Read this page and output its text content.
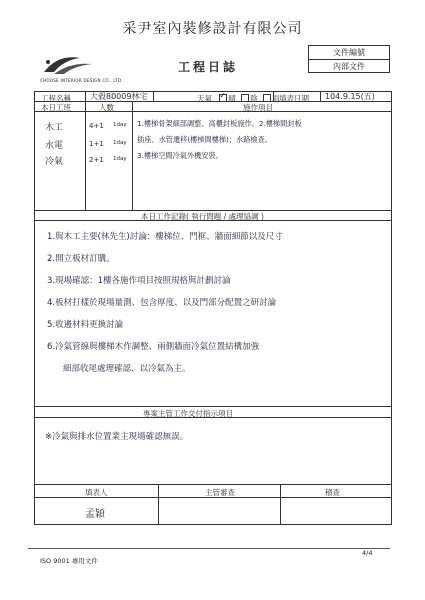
采尹室內裝修設計有限公司
CHOOSE INTERIOR DESIGN CO., LTD.
工程日誌
文件編號
內部文件
工程名稱 大毅80009林宅	天氣 ✓ 晴 陰 雨 填表日期 104.9.15(五)
本日工班	人數	施作項目
木工	4+1 1day
水電	1+1 1day
冷氣	2+1 1day
1.樓梯骨架細部調整、高櫃封板施作。2.樓梯間封板
插座、水管遷移(樓梯間樓梯)；水路檢查。
3.樓梯空間冷氣外機安裝。
本日工作記錄( 執行問題 / 處理協調 )
1.與木工主要(林先生)討論：樓梯位、門框、牆面細節以及尺寸
2.開立板材訂購。
3.現場確認：1樓各施作項目按照規格與計劃討論
4.板材打樣於現場量測、包含厚度、以及門部分配置之研討論
5.收邊材料更換討論
6.冷氣管線與樓梯木作調整、兩側牆面冷氣位置結構加強
細部收尾處理確認、以冷氣為主。
專案主管工作交付指示項目
※冷氣與排水位置業主現場確認無誤。
填表人	主管審查	稽查
孟穎
ISO 9001 專用文件
4/4
